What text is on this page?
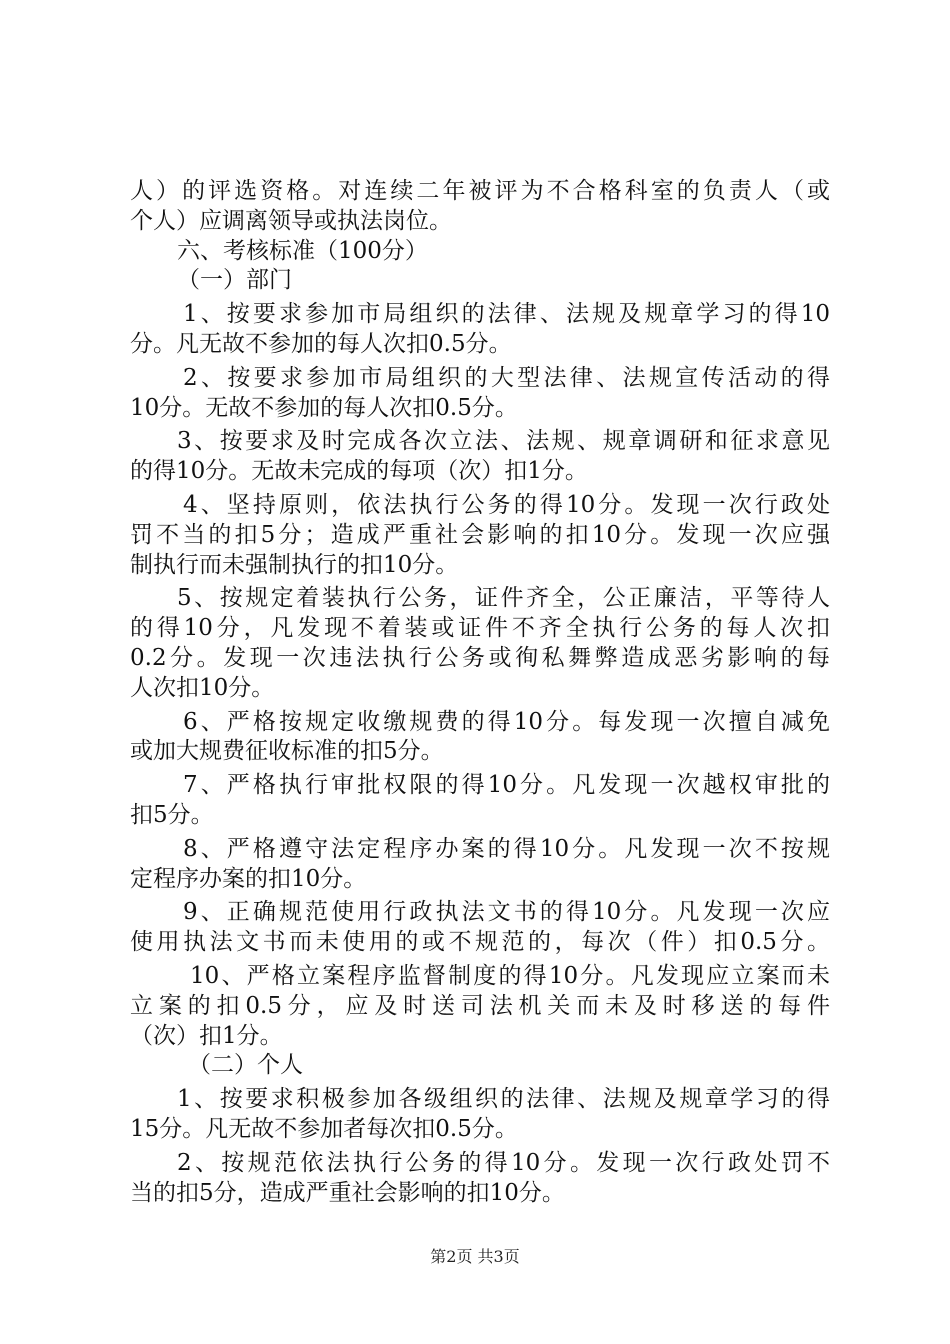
人）的评选资格。对连续二年被评为不合格科室的负责人（或
个人）应调离领导或执法岗位。
六、考核标准（100分）
（一）部门
1、按要求参加市局组织的法律、法规及规章学习的得10
分。凡无故不参加的每人次扣0.5分。
2、按要求参加市局组织的大型法律、法规宣传活动的得
10分。无故不参加的每人次扣0.5分。
3、按要求及时完成各次立法、法规、规章调研和征求意见
的得10分。无故未完成的每项（次）扣1分。
4、坚持原则，依法执行公务的得10分。发现一次行政处
罚不当的扣5分；造成严重社会影响的扣10分。发现一次应强
制执行而未强制执行的扣10分。
5、按规定着装执行公务，证件齐全，公正廉洁，平等待人
的得10分，凡发现不着装或证件不齐全执行公务的每人次扣
0.2分。发现一次违法执行公务或徇私舞弊造成恶劣影响的每
人次扣10分。
6、严格按规定收缴规费的得10分。每发现一次擅自减免
或加大规费征收标准的扣5分。
7、严格执行审批权限的得10分。凡发现一次越权审批的
扣5分。
8、严格遵守法定程序办案的得10分。凡发现一次不按规
定程序办案的扣10分。
9、正确规范使用行政执法文书的得10分。凡发现一次应
使用执法文书而未使用的或不规范的，每次（件）扣0.5分。
10、严格立案程序监督制度的得10分。凡发现应立案而未
立案的扣0.5分，应及时送司法机关而未及时移送的每件
（次）扣1分。
（二）个人
1、按要求积极参加各级组织的法律、法规及规章学习的得
15分。凡无故不参加者每次扣0.5分。
2、按规范依法执行公务的得10分。发现一次行政处罚不
当的扣5分，造成严重社会影响的扣10分。
第2页 共3页
